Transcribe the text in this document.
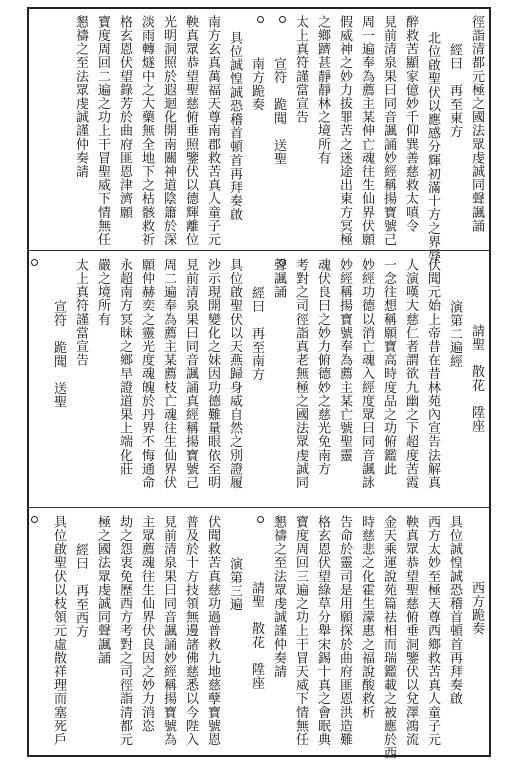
徑詣清都元極之國法眾虔誠同聲諷誦
經曰　再至東方
北位啟聖伏以應感分輝初滿十方之界辱
醉救苦顯家億妙千仰巽善慈救太嗔令
見前清泉果曰同音諷誦妙經稱揚寶號己
周一遍奉為薦主某伸亡魂往生仙界伏願
假威神之妙力拔罪苦之迷途出東方冥極
之鄉躋甚靜靜林之境所有
太上真符謹當宣告
宣符　跪聞　送聖
南方跪奏
具位誠惶誠恐稽首頓首再拜奏啟
南方玄真萬福天尊南郡救苦真人童子元
鞅真眾恭望聖慈俯垂照鑒伏以德輝離位
光明洞照於遐迴化開南關神道陰簫於深
淡雨轉燧中之大藥無全地下之枯骸救祈
格玄恩伏望錄芳於曲府匪恩津濟願
寶度周回二遍之功上干冒聖威下情無任
懇禱之至法眾虔誠謹仲奏請
請聖　散花　陞座
演第二遍經
伏聞元始上帝昔在昔林苑內宣告法解真
人演嘆大慈仁者謂欲九幽之下超度苦霞
一念往想稱願寶高時度品之功俯鑑此
妙經功德以消亡魂入經度眾曰同音諷詠
妙經稱揚寶號奉為薦主某亡號聖靈
魂伏良曰之妙力俯德妙之慈光免南方
考對之司徑詣真老無極之國法眾虔誠同
聲諷誦
經曰　再至南方
具位啟聖伏以天燕歸身威自然之別證履
沙示現開變化之妹因功德難量眼依至明
見前清泉果曰同音諷誦真經稱揚寶號己
周二遍奉為薦主某薦枝亡魂往生仙界伏
願仲赫奕之靈光度魂魄於丹界不悔通命
永超南方冥昧之鄉早證道果上端化莊
嚴之境所有
太上真符謹當宣告
宣符　跪聞　送聖
西方跪奏
具位誠惶誠恐稽首頓首再拜奏啟
西方太妙至極天尊西鄉救苦真人童子元
鞅真眾恭望聖慈俯垂洞鑒伏以兌澤鴻流
金天乘運說苑篇祛相而瑞鑑載之被應於西
時慈悲之化霍生濛惠之福說酸救析
告命於靈司是用願探於曲府匪恩洪造難
格玄恩伏望綠草分舉宋錫十真之會眠典
寶度周回三遍之功上干冒天威下情無任
懇禱之至法眾虔誠謹仲奏請
請聖　散花　陞座
演第三遍
伏聞救苦真慈功過普救九地慈孽寶號恩
普及於十方技領無邊諸佛慈悉以今陛入
見前清泉果曰同音諷誦妙經稱揚寶號為
主眾薦魂往生仙界伏良因之妙力消恣
劫之怨衷免歷西方考對之司徑詣清都元
極之國法眾虔誠同聲諷誦
經曰　再至西方
具位啟聖伏以枝領元虛散祥理而塞死戶
